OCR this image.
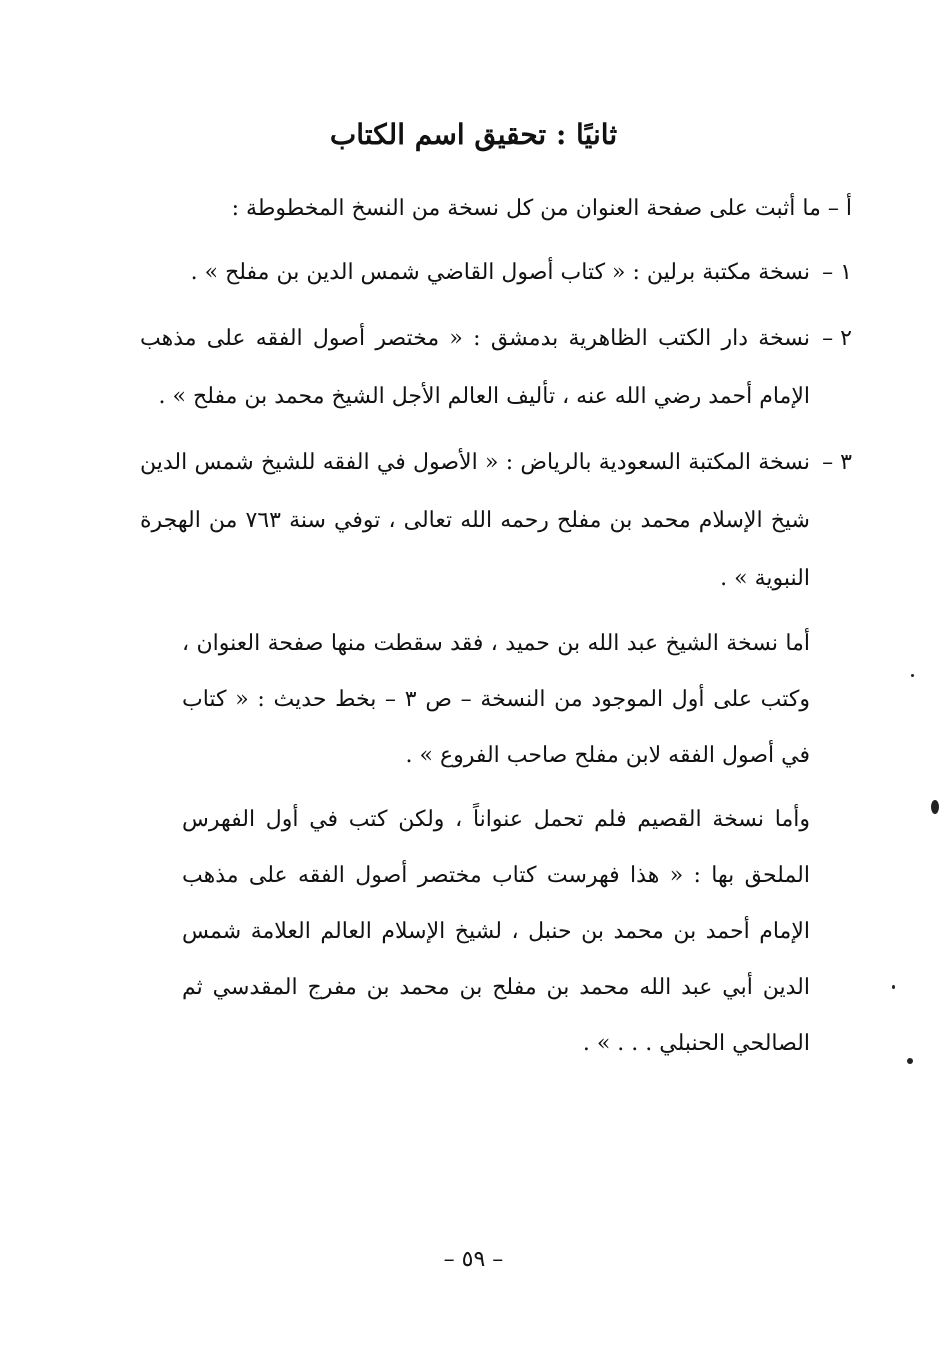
ثانيًا : تحقيق اسم الكتاب

أ – ما أثبت على صفحة العنوان من كل نسخة من النسخ المخطوطة :

١ –

نسخة مكتبة برلين : « كتاب أصول القاضي شمس الدين بن مفلح » .

٢ –

نسخة دار الكتب الظاهرية بدمشق : « مختصر أصول الفقه على مذهب الإمام أحمد رضي الله عنه ، تأليف العالم الأجل الشيخ محمد بن مفلح » .

٣ –

نسخة المكتبة السعودية بالرياض : « الأصول في الفقه للشيخ شمس الدين شيخ الإسلام محمد بن مفلح رحمه الله تعالى ، توفي سنة ٧٦٣ من الهجرة النبوية » .

أما نسخة الشيخ عبد الله بن حميد ، فقد سقطت منها صفحة العنوان ، وكتب على أول الموجود من النسخة – ص ٣ – بخط حديث : « كتاب في أصول الفقه لابن مفلح صاحب الفروع » .

وأما نسخة القصيم فلم تحمل عنواناً ، ولكن كتب في أول الفهرس الملحق بها : « هذا فهرست كتاب مختصر أصول الفقه على مذهب الإمام أحمد بن محمد بن حنبل ، لشيخ الإسلام العالم العلامة شمس الدين أبي عبد الله محمد بن مفلح بن محمد بن مفرج المقدسي ثم الصالحي الحنبلي . . . » .

– ٥٩ –
